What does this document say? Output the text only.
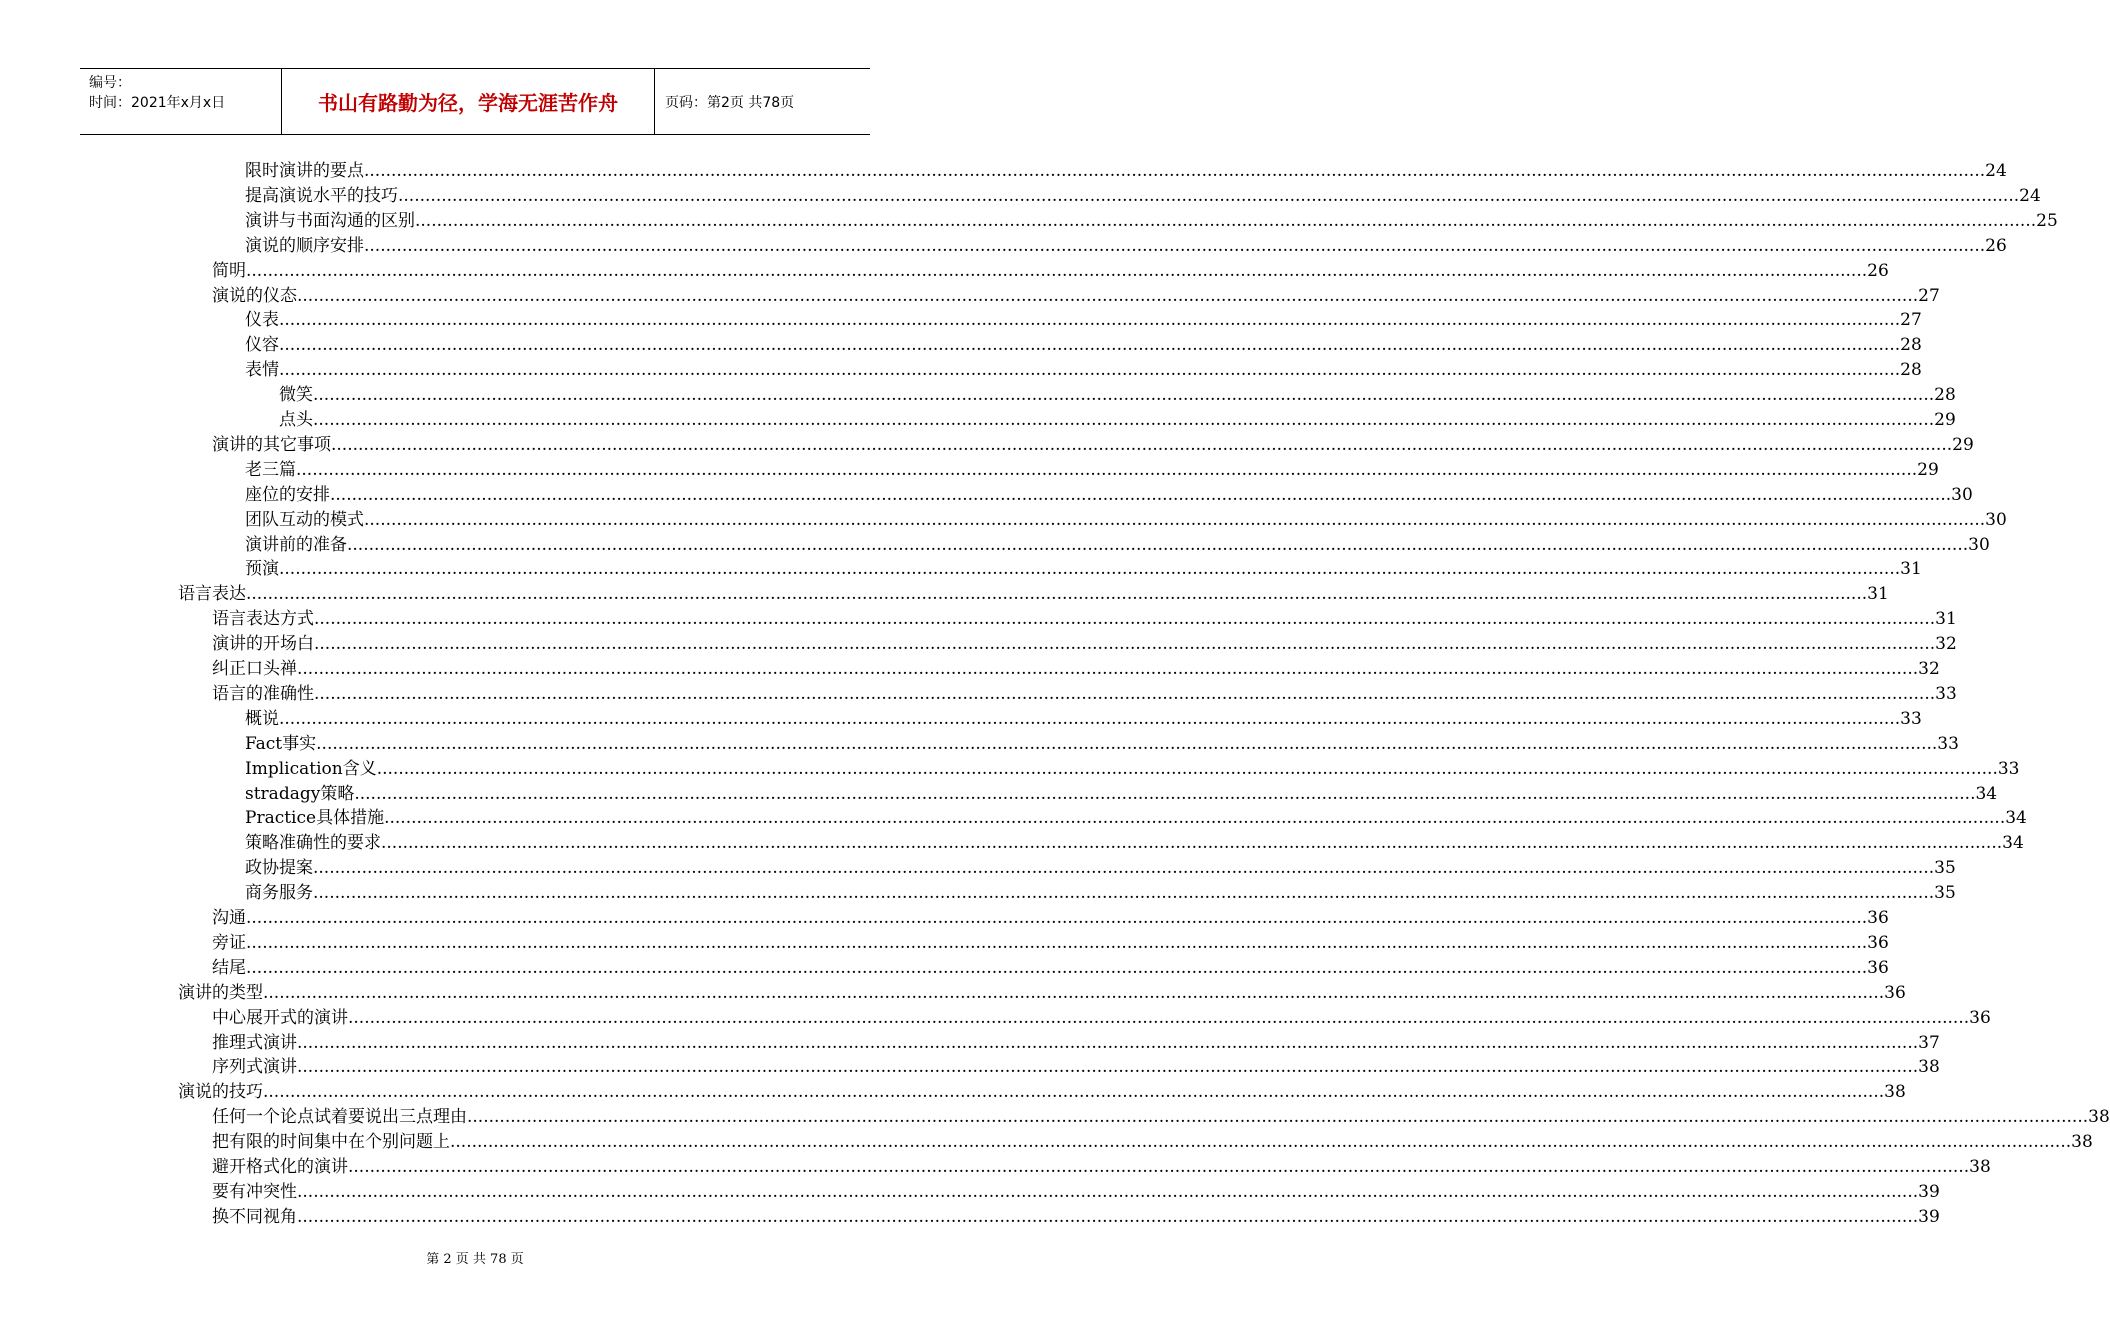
编号：
时间：2021年x月x日	书山有路勤为径，学海无涯苦作舟	页码：第2页 共78页
限时演讲的要点 ............................................................................................................................................................................................................................................................................................................ 24
提高演说水平的技巧 ............................................................................................................................................................................................................................................................................................................ 24
演讲与书面沟通的区别 ............................................................................................................................................................................................................................................................................................................ 25
演说的顺序安排 ............................................................................................................................................................................................................................................................................................................ 26
简明 ............................................................................................................................................................................................................................................................................................................ 26
演说的仪态 ............................................................................................................................................................................................................................................................................................................ 27
仪表 ............................................................................................................................................................................................................................................................................................................ 27
仪容 ............................................................................................................................................................................................................................................................................................................ 28
表情 ............................................................................................................................................................................................................................................................................................................ 28
微笑 ............................................................................................................................................................................................................................................................................................................ 28
点头 ............................................................................................................................................................................................................................................................................................................ 29
演讲的其它事项 ............................................................................................................................................................................................................................................................................................................ 29
老三篇 ............................................................................................................................................................................................................................................................................................................ 29
座位的安排 ............................................................................................................................................................................................................................................................................................................ 30
团队互动的模式 ............................................................................................................................................................................................................................................................................................................ 30
演讲前的准备 ............................................................................................................................................................................................................................................................................................................ 30
预演 ............................................................................................................................................................................................................................................................................................................ 31
语言表达 ............................................................................................................................................................................................................................................................................................................ 31
语言表达方式 ............................................................................................................................................................................................................................................................................................................ 31
演讲的开场白 ............................................................................................................................................................................................................................................................................................................ 32
纠正口头禅 ............................................................................................................................................................................................................................................................................................................ 32
语言的准确性 ............................................................................................................................................................................................................................................................................................................ 33
概说 ............................................................................................................................................................................................................................................................................................................ 33
Fact事实 ............................................................................................................................................................................................................................................................................................................ 33
Implication含义 ............................................................................................................................................................................................................................................................................................................ 33
stradagy策略 ............................................................................................................................................................................................................................................................................................................ 34
Practice具体措施 ............................................................................................................................................................................................................................................................................................................ 34
策略准确性的要求 ............................................................................................................................................................................................................................................................................................................ 34
政协提案 ............................................................................................................................................................................................................................................................................................................ 35
商务服务 ............................................................................................................................................................................................................................................................................................................ 35
沟通 ............................................................................................................................................................................................................................................................................................................ 36
旁证 ............................................................................................................................................................................................................................................................................................................ 36
结尾 ............................................................................................................................................................................................................................................................................................................ 36
演讲的类型 ............................................................................................................................................................................................................................................................................................................ 36
中心展开式的演讲 ............................................................................................................................................................................................................................................................................................................ 36
推理式演讲 ............................................................................................................................................................................................................................................................................................................ 37
序列式演讲 ............................................................................................................................................................................................................................................................................................................ 38
演说的技巧 ............................................................................................................................................................................................................................................................................................................ 38
任何一个论点试着要说出三点理由 ............................................................................................................................................................................................................................................................................................................ 38
把有限的时间集中在个别问题上 ............................................................................................................................................................................................................................................................................................................ 38
避开格式化的演讲 ............................................................................................................................................................................................................................................................................................................ 38
要有冲突性 ............................................................................................................................................................................................................................................................................................................ 39
换不同视角 ............................................................................................................................................................................................................................................................................................................ 39
第 2 页 共 78 页
